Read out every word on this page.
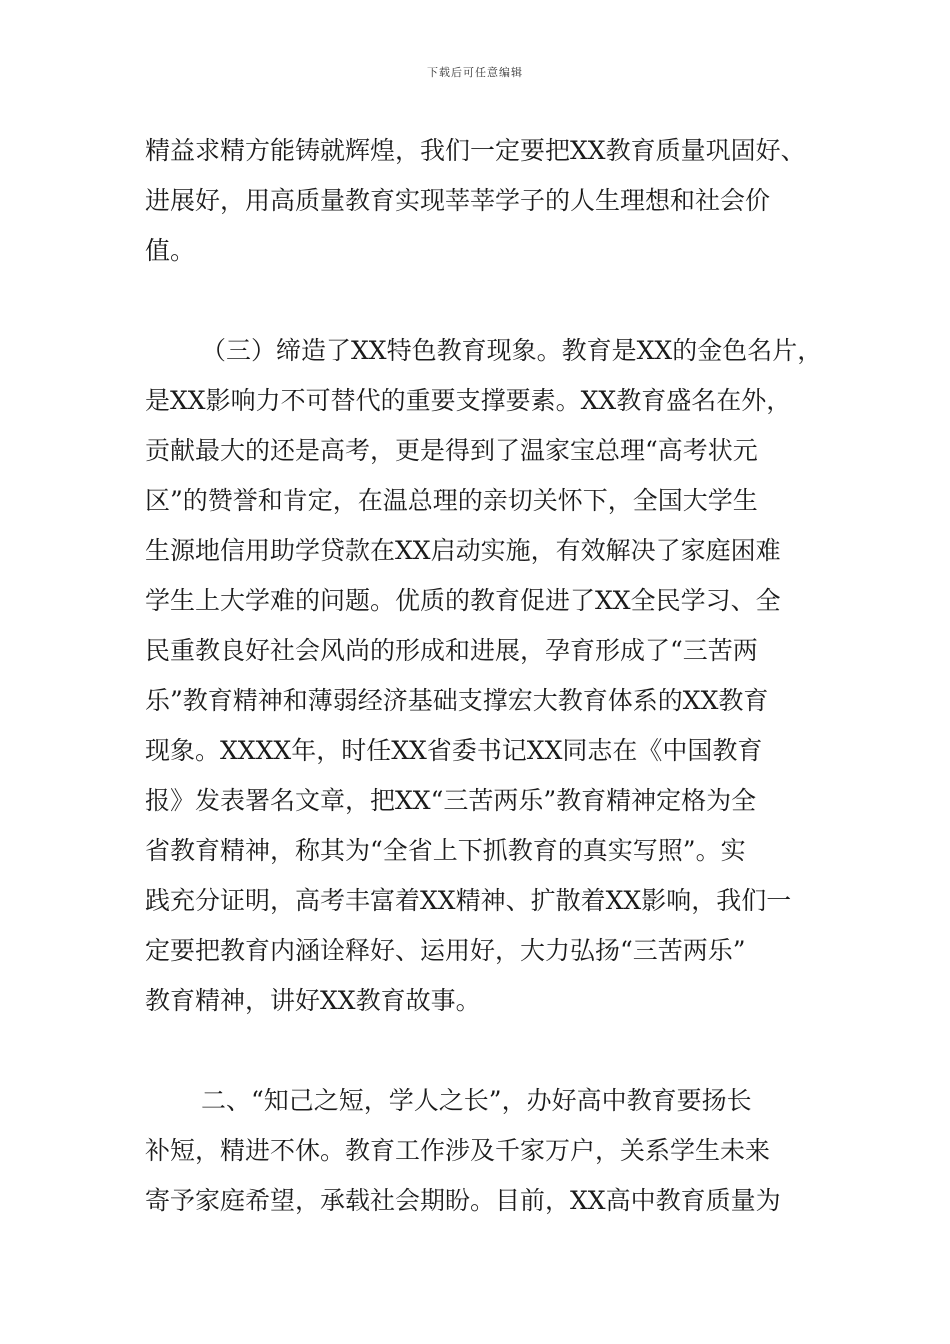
下载后可任意编辑
精益求精方能铸就辉煌，我们一定要把XX教育质量巩固好、
进展好，用高质量教育实现莘莘学子的人生理想和社会价
值。
（三）缔造了XX特色教育现象。教育是XX的金色名片，
是XX影响力不可替代的重要支撑要素。XX教育盛名在外，
贡献最大的还是高考，更是得到了温家宝总理“高考状元
区”的赞誉和肯定，在温总理的亲切关怀下，全国大学生
生源地信用助学贷款在XX启动实施，有效解决了家庭困难
学生上大学难的问题。优质的教育促进了XX全民学习、全
民重教良好社会风尚的形成和进展，孕育形成了“三苦两
乐”教育精神和薄弱经济基础支撑宏大教育体系的XX教育
现象。XXXX年，时任XX省委书记XX同志在《中国教育
报》发表署名文章，把XX“三苦两乐”教育精神定格为全
省教育精神，称其为“全省上下抓教育的真实写照”。实
践充分证明，高考丰富着XX精神、扩散着XX影响，我们一
定要把教育内涵诠释好、运用好，大力弘扬“三苦两乐”
教育精神，讲好XX教育故事。
二、“知己之短，学人之长”，办好高中教育要扬长
补短，精进不休。教育工作涉及千家万户，关系学生未来
寄予家庭希望，承载社会期盼。目前，XX高中教育质量为
